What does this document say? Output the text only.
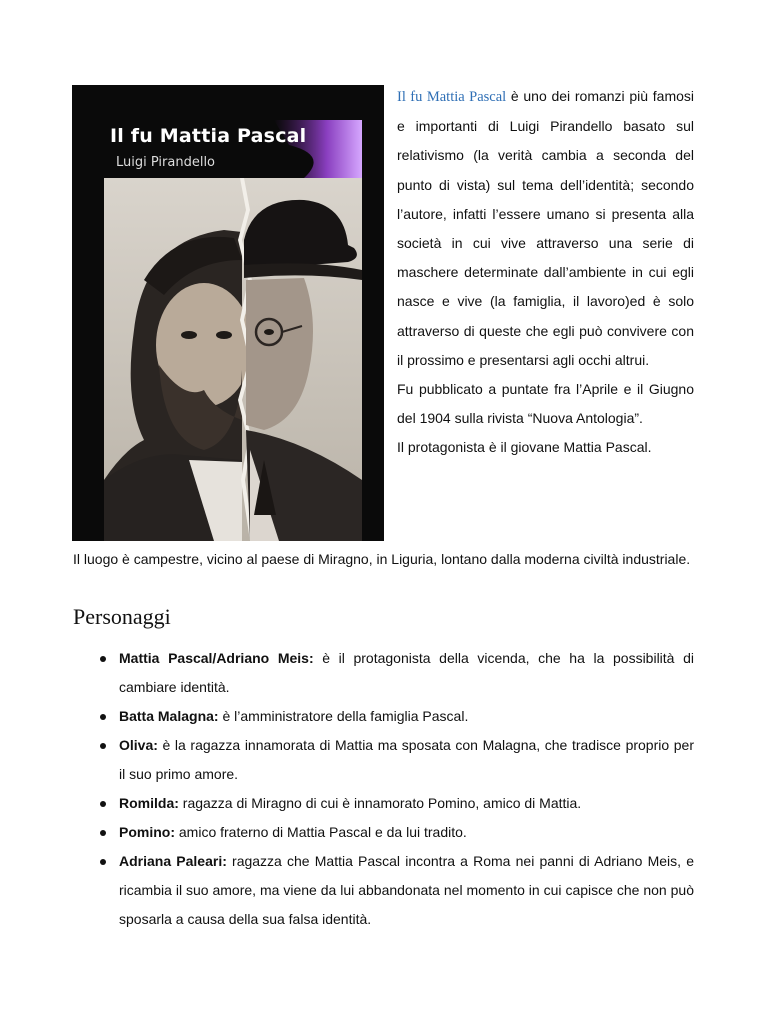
Il fu Mattia Pascal
Luigi Pirandello

Il fu Mattia Pascal è uno dei romanzi più famosi e importanti di Luigi Pirandello basato sul relativismo (la verità cambia a seconda del punto di vista) sul tema dell’identità; secondo l’autore, infatti l’essere umano si presenta alla società in cui vive attraverso una serie di maschere determinate dall’ambiente in cui egli nasce e vive (la famiglia, il lavoro)ed è solo attraverso di queste che egli può convivere con il prossimo e presentarsi agli occhi altrui.

Fu pubblicato a puntate fra l’Aprile e il Giugno del 1904 sulla rivista “Nuova Antologia”.

Il protagonista è il giovane Mattia Pascal.

Il luogo è campestre, vicino al paese di Miragno, in Liguria, lontano dalla moderna civiltà industriale.

Personaggi
Mattia Pascal/Adriano Meis: è il protagonista della vicenda, che ha la possibilità di cambiare identità.
Batta Malagna: è l’amministratore della famiglia Pascal.
Oliva: è la ragazza innamorata di Mattia ma sposata con Malagna, che tradisce proprio per il suo primo amore.
Romilda: ragazza di Miragno di cui è innamorato Pomino, amico di Mattia.
Pomino: amico fraterno di Mattia Pascal e da lui tradito.
Adriana Paleari: ragazza che Mattia Pascal incontra a Roma nei panni di Adriano Meis, e ricambia il suo amore, ma viene da lui abbandonata nel momento in cui capisce che non può sposarla a causa della sua falsa identità.
